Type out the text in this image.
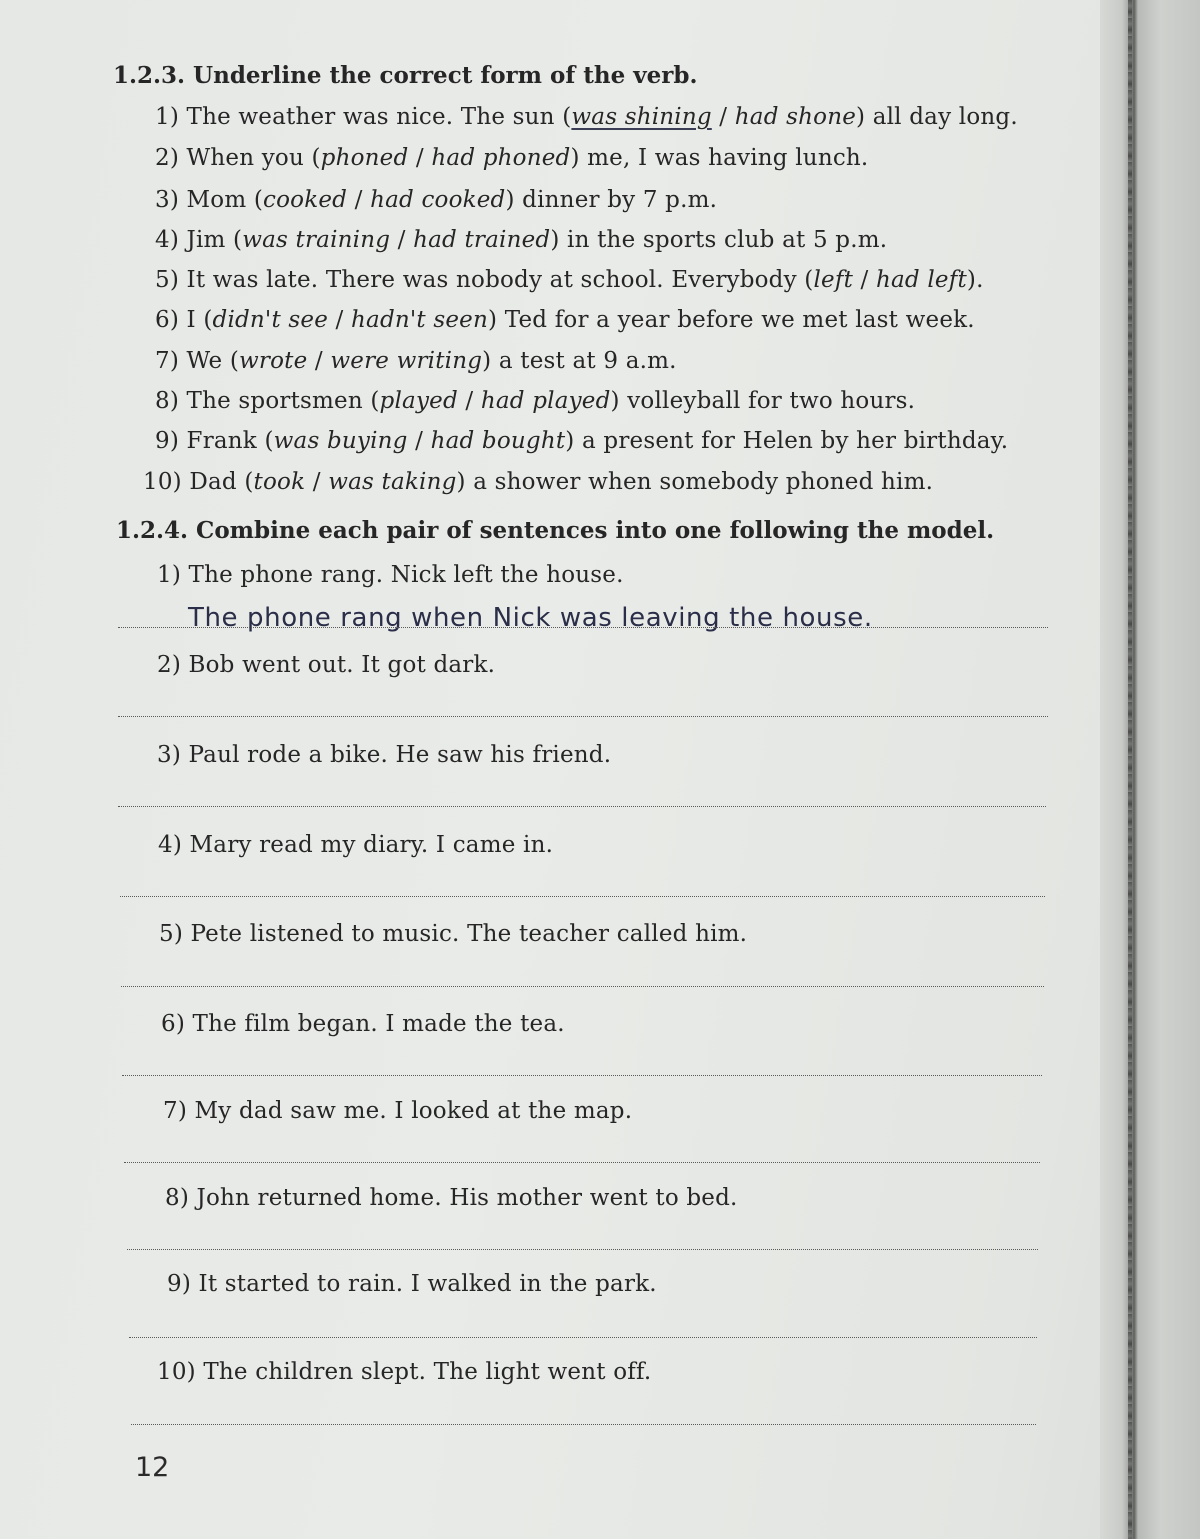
1.2.3. Underline the correct form of the verb.
1) The weather was nice. The sun (was shining / had shone) all day long.
2) When you (phoned / had phoned) me, I was having lunch.
3) Mom (cooked / had cooked) dinner by 7 p.m.
4) Jim (was training / had trained) in the sports club at 5 p.m.
5) It was late. There was nobody at school. Everybody (left / had left).
6) I (didn't see / hadn't seen) Ted for a year before we met last week.
7) We (wrote / were writing) a test at 9 a.m.
8) The sportsmen (played / had played) volleyball for two hours.
9) Frank (was buying / had bought) a present for Helen by her birthday.
10) Dad (took / was taking) a shower when somebody phoned him.
1.2.4. Combine each pair of sentences into one following the model.
1) The phone rang. Nick left the house.
The phone rang when Nick was leaving the house.
2) Bob went out. It got dark.
3) Paul rode a bike. He saw his friend.
4) Mary read my diary. I came in.
5) Pete listened to music. The teacher called him.
6) The film began. I made the tea.
7) My dad saw me. I looked at the map.
8) John returned home. His mother went to bed.
9) It started to rain. I walked in the park.
10) The children slept. The light went off.
12
